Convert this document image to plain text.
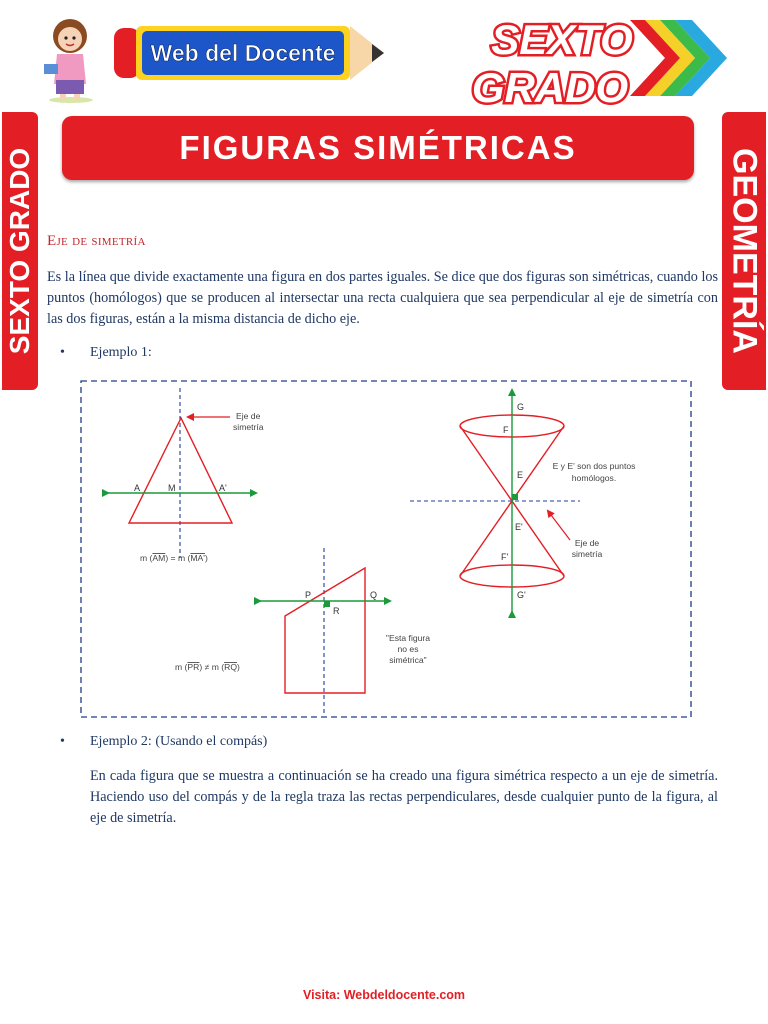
Web del Docente	SEXTO
GRADO
SEXTO GRADO	GEOMETRÍA
FIGURAS SIMÉTRICAS
Eje de simetría
Es la línea que divide exactamente una figura en dos partes iguales. Se dice que dos figuras son simétricas, cuando los puntos (homólogos) que se producen al intersectar una recta cualquiera que sea perpendicular al eje de simetría con las dos figuras, están a la misma distancia de dicho eje.
• Ejemplo 1:
A	M	A'
Eje de
simetría
m (AM) = m (MA')
P	Q
R
m (PR) ≠ m (RQ)
"Esta figura
no es
simétrica"
G
F
E
E'
F'
G'
E y E' son dos puntos
homólogos.
Eje de
simetría
• Ejemplo 2: (Usando el compás)
En cada figura que se muestra a continuación se ha creado una figura simétrica respecto a un eje de simetría. Haciendo uso del compás y de la regla traza las rectas perpendiculares, desde cualquier punto de la figura, al eje de simetría.
Visita: Webdeldocente.com
